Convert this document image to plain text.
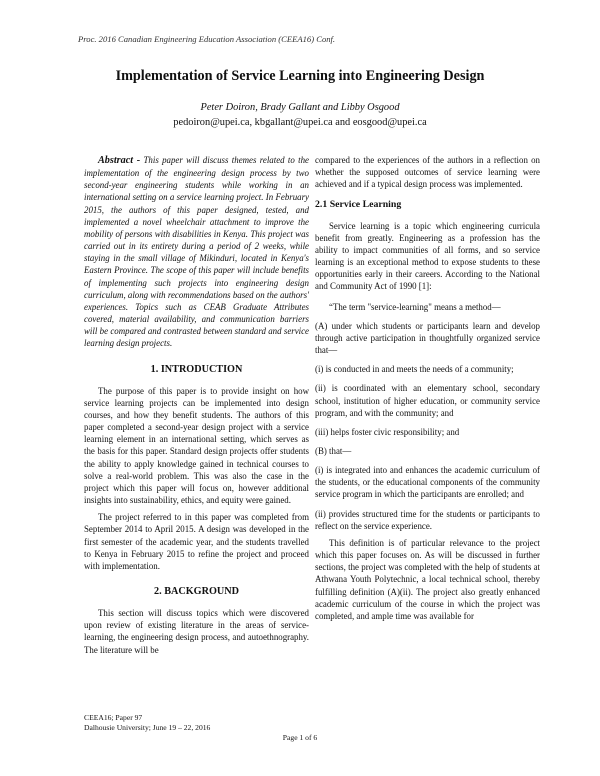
Proc. 2016 Canadian Engineering Education Association (CEEA16) Conf.
Implementation of Service Learning into Engineering Design
Peter Doiron, Brady Gallant and Libby Osgood
pedoiron@upei.ca, kbgallant@upei.ca and eosgood@upei.ca

Abstract - This paper will discuss themes related to the implementation of the engineering design process by two second-year engineering students while working in an international setting on a service learning project. In February 2015, the authors of this paper designed, tested, and implemented a novel wheelchair attachment to improve the mobility of persons with disabilities in Kenya. This project was carried out in its entirety during a period of 2 weeks, while staying in the small village of Mikinduri, located in Kenya's Eastern Province. The scope of this paper will include benefits of implementing such projects into engineering design curriculum, along with recommendations based on the authors' experiences. Topics such as CEAB Graduate Attributes covered, material availability, and communication barriers will be compared and contrasted between standard and service learning design projects.

1. INTRODUCTION

The purpose of this paper is to provide insight on how service learning projects can be implemented into design courses, and how they benefit students. The authors of this paper completed a second-year design project with a service learning element in an international setting, which serves as the basis for this paper. Standard design projects offer students the ability to apply knowledge gained in technical courses to solve a real-world problem. This was also the case in the project which this paper will focus on, however additional insights into sustainability, ethics, and equity were gained.

The project referred to in this paper was completed from September 2014 to April 2015. A design was developed in the first semester of the academic year, and the students travelled to Kenya in February 2015 to refine the project and proceed with implementation.

2. BACKGROUND

This section will discuss topics which were discovered upon review of existing literature in the areas of service-learning, the engineering design process, and autoethnography. The literature will be

compared to the experiences of the authors in a reflection on whether the supposed outcomes of service learning were achieved and if a typical design process was implemented.

2.1 Service Learning

Service learning is a topic which engineering curricula benefit from greatly. Engineering as a profession has the ability to impact communities of all forms, and so service learning is an exceptional method to expose students to these opportunities early in their careers. According to the National and Community Act of 1990 [1]:

“The term "service-learning" means a method—

(A) under which students or participants learn and develop through active participation in thoughtfully organized service that—

(i) is conducted in and meets the needs of a community;

(ii) is coordinated with an elementary school, secondary school, institution of higher education, or community service program, and with the community; and

(iii) helps foster civic responsibility; and

(B) that—

(i) is integrated into and enhances the academic curriculum of the students, or the educational components of the community service program in which the participants are enrolled; and

(ii) provides structured time for the students or participants to reflect on the service experience.

This definition is of particular relevance to the project which this paper focuses on. As will be discussed in further sections, the project was completed with the help of students at Athwana Youth Polytechnic, a local technical school, thereby fulfilling definition (A)(ii). The project also greatly enhanced academic curriculum of the course in which the project was completed, and ample time was available for

CEEA16; Paper 97
Dalhousie University; June 19 – 22, 2016
Page 1 of 6
